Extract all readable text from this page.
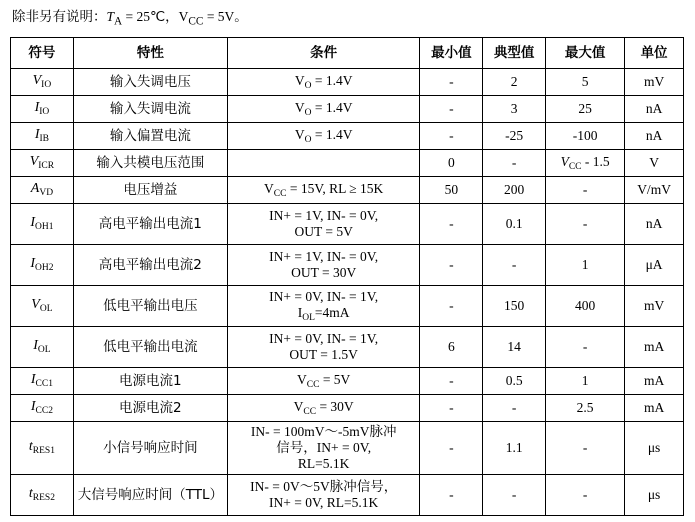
除非另有说明：$T_A$ = 25℃，$V_{CC} = 5V$。

符号	特性	条件	最小值	典型值	最大值	单位
$V_{IO}$	输入失调电压	$V_O = 1.4V$	-	2	5	mV
$I_{IO}$	输入失调电流	$V_O = 1.4V$	-	3	25	nA
$I_{IB}$	输入偏置电流	$V_O = 1.4V$	-	-25	-100	nA
$V_{ICR}$	输入共模电压范围		0	-	$V_{CC} - 1.5$	V
$A_{VD}$	电压增益	$V_{CC} = 15V$, RL ≥ 15K	50	200	-	V/mV
$I_{OH1}$	高电平输出电流1	IN+ = 1V, IN- = 0V,
OUT = 5V	-	0.1	-	nA
$I_{OH2}$	高电平输出电流2	IN+ = 1V, IN- = 0V,
OUT = 30V	-	-	1	μA
$V_{OL}$	低电平输出电压	IN+ = 0V, IN- = 1V,
$I_{OL}=4mA$	-	150	400	mV
$I_{OL}$	低电平输出电流	IN+ = 0V, IN- = 1V,
OUT = 1.5V	6	14	-	mA
$I_{CC1}$	电源电流1	$V_{CC} = 5V$	-	0.5	1	mA
$I_{CC2}$	电源电流2	$V_{CC} = 30V$	-	-	2.5	mA
$t_{RES1}$	小信号响应时间	IN- = 100mV～-5mV脉冲
信号，IN+ = 0V,
RL=5.1K	-	1.1	-	μs
$t_{RES2}$	大信号响应时间（TTL）	IN- = 0V～5V脉冲信号，
IN+ = 0V, RL=5.1K	-	-	-	μs
